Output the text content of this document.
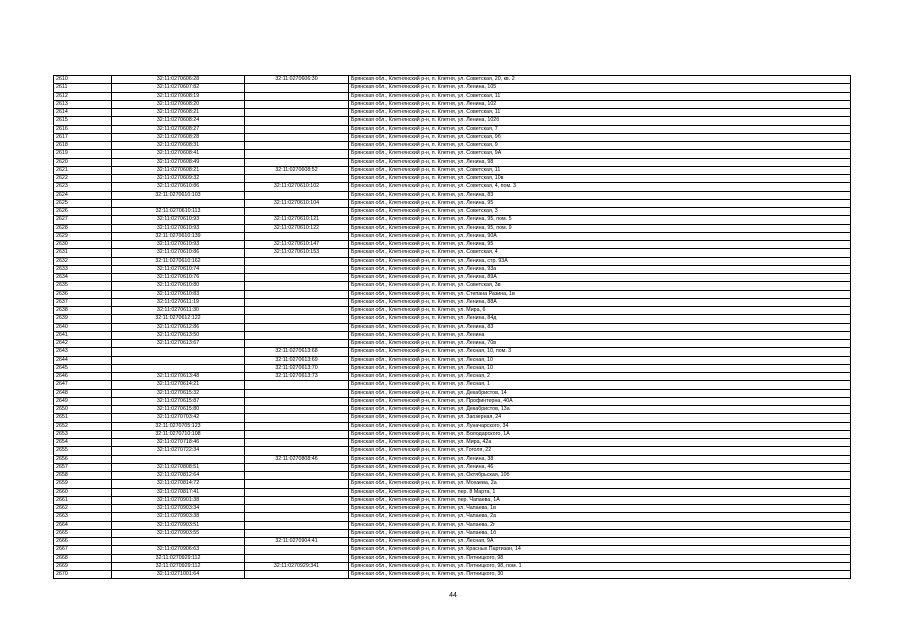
2610	32:11:0270606:28	32:11:0270606:30	Брянская обл., Клетнянский р-н, п. Клетня, ул. Советская, 20, кв. 2
2611	32:11:0270607:82		Брянская обл., Клетнянский р-н, п. Клетня, ул. Ленина, 105
2612	32:11:0270608:19		Брянская обл., Клетнянский р-н, п. Клетня, ул. Советская, 11
2613	32:11:0270608:20		Брянская обл., Клетнянский р-н, п. Клетня, ул. Ленина, 102
2614	32:11:0270608:21		Брянская обл., Клетнянский р-н, п. Клетня, ул. Советская, 11
2615	32:11:0270608:24		Брянская обл., Клетнянский р-н, п. Клетня, ул. Ленина, 102б
2616	32:11:0270608:27		Брянская обл., Клетнянский р-н, п. Клетня, ул. Советская, 7
2617	32:11:0270608:28		Брянская обл., Клетнянский р-н, п. Клетня, ул. Советская, 9б
2618	32:11:0270608:31		Брянская обл., Клетнянский р-н, п. Клетня, ул. Советская, 9
2619	32:11:0270608:41		Брянская обл., Клетнянский р-н, п. Клетня, ул. Советская, 9А
2620	32:11:0270608:49		Брянская обл., Клетнянский р-н, п. Клетня, ул. Ленина, 98
2621	32:11:0270608:21	32:11:0270608:52	Брянская обл., Клетнянский р-н, п. Клетня, ул. Советская, 11
2622	32:11:0270609:32		Брянская обл., Клетнянский р-н, п. Клетня, ул. Советская, 10в
2623	32:11:0270610:86	32:11:0270610:102	Брянская обл., Клетнянский р-н, п. Клетня, ул. Советская, 4, пом. 3
2624	32:11:0270610:103		Брянская обл., Клетнянский р-н, п. Клетня, ул. Ленина, 83
2625		32:11:0270610:104	Брянская обл., Клетнянский р-н, п. Клетня, ул. Ленина, 95
2626	32:11:0270610:113		Брянская обл., Клетнянский р-н, п. Клетня, ул. Советская, 3
2627	32:11:0270610:93	32:11:0270610:121	Брянская обл., Клетнянский р-н, п. Клетня, ул. Ленина, 95, пом. 5
2628	32:11:0270610:93	32:11:0270610:122	Брянская обл., Клетнянский р-н, п. Клетня, ул. Ленина, 95, пом. 9
2629	32:11:0270610:139		Брянская обл., Клетнянский р-н, п. Клетня, ул. Ленина, 90А
2630	32:11:0270610:93	32:11:0270610:147	Брянская обл., Клетнянский р-н, п. Клетня, ул. Ленина, 95
2631	32:11:0270610:86	32:11:0270610:153	Брянская обл., Клетнянский р-н, п. Клетня, ул. Советская, 4
2632	32:11:0270610:162		Брянская обл., Клетнянский р-н, п. Клетня, ул. Ленина, стр. 93А
2633	32:11:0270610:74		Брянская обл., Клетнянский р-н, п. Клетня, ул. Ленина, 93а
2634	32:11:0270610:76		Брянская обл., Клетнянский р-н, п. Клетня, ул. Ленина, 89А
2635	32:11:0270610:80		Брянская обл., Клетнянский р-н, п. Клетня, ул. Советская, 3в
2636	32:11:0270610:83		Брянская обл., Клетнянский р-н, п. Клетня, ул. Степана Разина, 1в
2637	32:11:0270611:19		Брянская обл., Клетнянский р-н, п. Клетня, ул. Ленина, 88А
2638	32:11:0270611:30		Брянская обл., Клетнянский р-н, п. Клетня, ул. Мира, 6
2639	32:11:0270612:122		Брянская обл., Клетнянский р-н, п. Клетня, ул. Ленина, 84д
2640	32:11:0270612:86		Брянская обл., Клетнянский р-н, п. Клетня, ул. Ленина, 83
2641	32:11:0270613:50		Брянская обл., Клетнянский р-н, п. Клетня, ул. Ленина
2642	32:11:0270613:67		Брянская обл., Клетнянский р-н, п. Клетня, ул. Ленина, 70в
2643		32:11:0270613:68	Брянская обл., Клетнянский р-н, п. Клетня, ул. Лесная, 10, пом. 3
2644		32:11:0270613:69	Брянская обл., Клетнянский р-н, п. Клетня, ул. Лесная, 10
2645		32:11:0270613:70	Брянская обл., Клетнянский р-н, п. Клетня, ул. Лесная, 10
2646	32:11:0270613:48	32:11:0270613:73	Брянская обл., Клетнянский р-н, п. Клетня, ул. Лесная, 2
2647	32:11:0270614:21		Брянская обл., Клетнянский р-н, п. Клетня, ул. Лесная, 1
2648	32:11:0270615:32		Брянская обл., Клетнянский р-н, п. Клетня, ул. Декабристов, 14
2649	32:11:0270615:87		Брянская обл., Клетнянский р-н, п. Клетня, ул. Профинтерна, 40А
2650	32:11:0270615:80		Брянская обл., Клетнянский р-н, п. Клетня, ул. Декабристов, 13а
2651	32:11:0270703:42		Брянская обл., Клетнянский р-н, п. Клетня, ул. Заозерная, 24
2652	32:11:0270705:123		Брянская обл., Клетнянский р-н, п. Клетня, ул. Луначарского, 34
2653	32:11:0270710:108		Брянская обл., Клетнянский р-н, п. Клетня, ул. Володарского, 1А
2654	32:11:0270718:46		Брянская обл., Клетнянский р-н, п. Клетня, ул. Мира, 42а
2655	32:11:0270722:34		Брянская обл., Клетнянский р-н, п. Клетня, ул. Гоголя, 22
2656		32:11:0270808:46	Брянская обл., Клетнянский р-н, п. Клетня, ул. Ленина, 38
2657	32:11:0270808:51		Брянская обл., Клетнянский р-н, п. Клетня, ул. Ленина, 46
2658	32:11:0270812:64		Брянская обл., Клетнянский р-н, п. Клетня, ул. Октябрьская, 10б
2659	32:11:0270814:72		Брянская обл., Клетнянский р-н, п. Клетня, ул. Мохаева, 2а
2660	32:11:0270817:41		Брянская обл., Клетнянский р-н, п. Клетня, пер. 8 Марта, 1
2661	32:11:0270901:38		Брянская обл., Клетнянский р-н, п. Клетня, пер. Чапаева, 1А
2662	32:11:0270903:34		Брянская обл., Клетнянский р-н, п. Клетня, ул. Чапаева, 1в
2663	32:11:0270903:38		Брянская обл., Клетнянский р-н, п. Клетня, ул. Чапаева, 2а
2664	32:11:0270903:51		Брянская обл., Клетнянский р-н, п. Клетня, ул. Чапаева, 2г
2665	32:11:0270903:55		Брянская обл., Клетнянский р-н, п. Клетня, ул. Чапаева, 1б
2666		32:11:0270904:41	Брянская обл., Клетнянский р-н, п. Клетня, ул. Лесная, 9А
2667	32:11:0270906:63		Брянская обл., Клетнянский р-н, п. Клетня, ул. Красных Партизан, 14
2668	32:11:0270929:112		Брянская обл., Клетнянский р-н, п. Клетня, ул. Пятницкого, 98
2669	32:11:0270929:112	32:11:0270929:341	Брянская обл., Клетнянский р-н, п. Клетня, ул. Пятницкого, 98, пом. 1
2670	32:11:0271001:64		Брянская обл., Клетнянский р-н, п. Клетня, ул. Пятницкого, 30
44
